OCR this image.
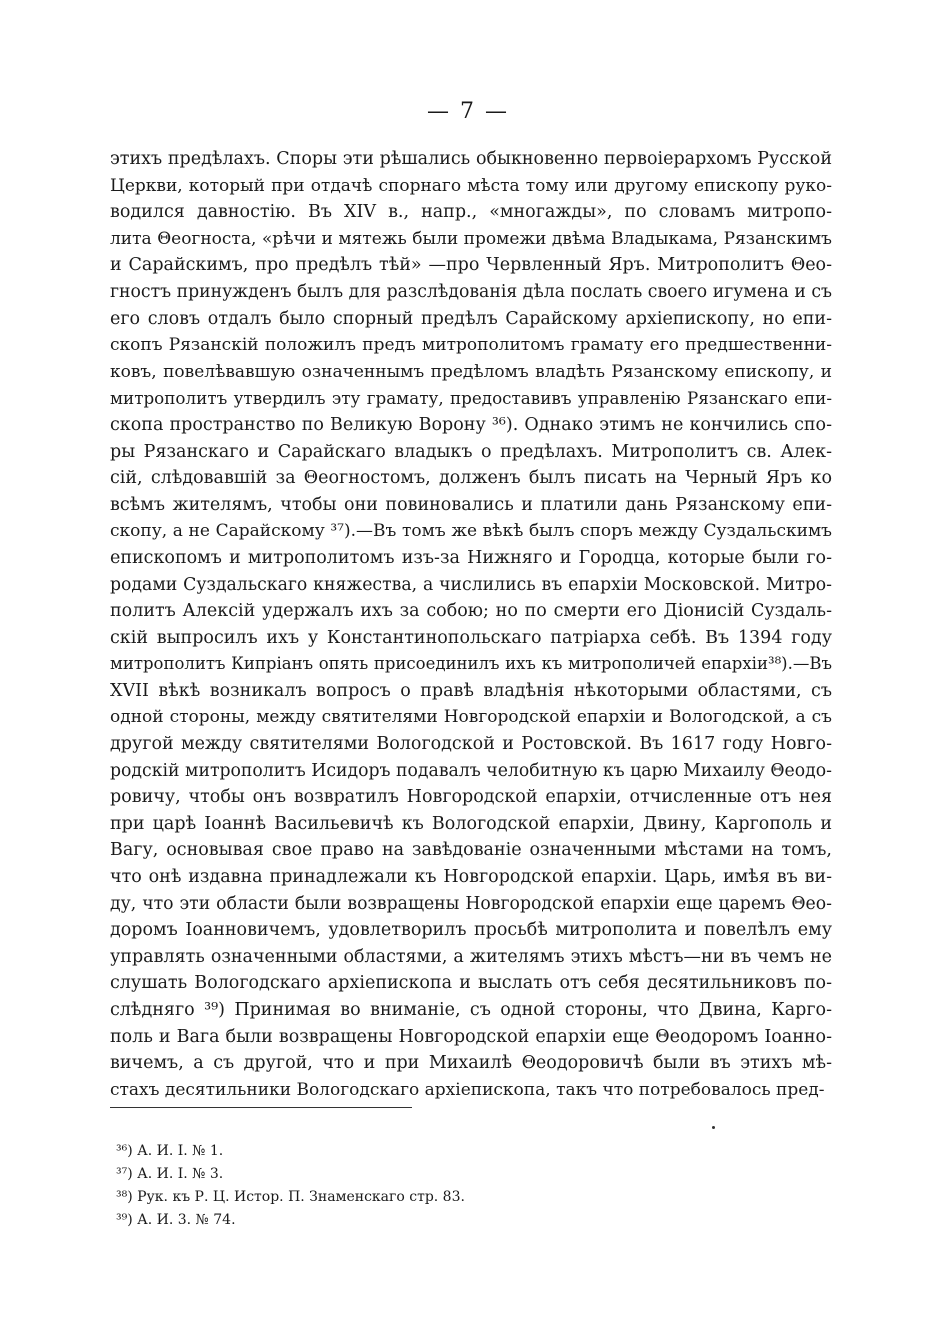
— 7 —
этихъ предѣлахъ. Споры эти рѣшались обыкновенно первоіерархомъ Русской
Церкви, который при отдачѣ спорнаго мѣста тому или другому епископу руко-
водился давностію. Въ XIV в., напр., «многажды», по словамъ митропо-
лита Θеогноста, «рѣчи и мятежь были промежи двѣма Владыкама, Рязанскимъ
и Сарайскимъ, про предѣлъ тѣй» —про Червленный Яръ. Митрополитъ Θео-
гностъ принужденъ былъ для разслѣдованія дѣла послать своего игумена и съ
его словъ отдалъ было спорный предѣлъ Сарайскому архіепископу, но епи-
скопъ Рязанскій положилъ предъ митрополитомъ грамату его предшественни-
ковъ, повелѣвавшую означеннымъ предѣломъ владѣть Рязанскому епископу, и
митрополитъ утвердилъ эту грамату, предоставивъ управленію Рязанскаго епи-
скопа пространство по Великую Ворону ³⁶). Однако этимъ не кончились спо-
ры Рязанскаго и Сарайскаго владыкъ о предѣлахъ. Митрополитъ св. Алек-
сій, слѣдовавшій за Θеогностомъ, долженъ былъ писать на Черный Яръ ко
всѣмъ жителямъ, чтобы они повиновались и платили дань Рязанскому епи-
скопу, а не Сарайскому ³⁷).—Въ томъ же вѣкѣ былъ споръ между Суздальскимъ
епископомъ и митрополитомъ изъ-за Нижняго и Городца, которые были го-
родами Суздальскаго княжества, а числились въ епархіи Московской. Митро-
политъ Алексій удержалъ ихъ за собою; но по смерти его Діонисій Суздаль-
скій выпросилъ ихъ у Константинопольскаго патріарха себѣ. Въ 1394 году
митрополитъ Кипріанъ опять присоединилъ ихъ къ митрополичей епархіи³⁸).—Въ
XVII вѣкѣ возникалъ вопросъ о правѣ владѣнія нѣкоторыми областями, съ
одной стороны, между святителями Новгородской епархіи и Вологодской, а съ
другой между святителями Вологодской и Ростовской. Въ 1617 году Новго-
родскій митрополитъ Исидоръ подавалъ челобитную къ царю Михаилу Θеодо-
ровичу, чтобы онъ возвратилъ Новгородской епархіи, отчисленные отъ нея
при царѣ Іоаннѣ Васильевичѣ къ Вологодской епархіи, Двину, Каргополь и
Вагу, основывая свое право на завѣдованіе означенными мѣстами на томъ,
что онѣ издавна принадлежали къ Новгородской епархіи. Царь, имѣя въ ви-
ду, что эти области были возвращены Новгородской епархіи еще царемъ Θео-
доромъ Іоанновичемъ, удовлетворилъ просьбѣ митрополита и повелѣлъ ему
управлять означенными областями, а жителямъ этихъ мѣстъ—ни въ чемъ не
слушать Вологодскаго архіепископа и выслать отъ себя десятильниковъ по-
слѣдняго ³⁹) Принимая во вниманіе, съ одной стороны, что Двина, Карго-
поль и Вага были возвращены Новгородской епархіи еще Θеодоромъ Іоанно-
вичемъ, а съ другой, что и при Михаилѣ Θеодоровичѣ были въ этихъ мѣ-
стахъ десятильники Вологодскаго архіепископа, такъ что потребовалось пред-
³⁶) А. И. I. № 1.
³⁷) А. И. I. № 3.
³⁸) Рук. къ Р. Ц. Истор. П. Знаменскаго стр. 83.
³⁹) А. И. 3. № 74.
